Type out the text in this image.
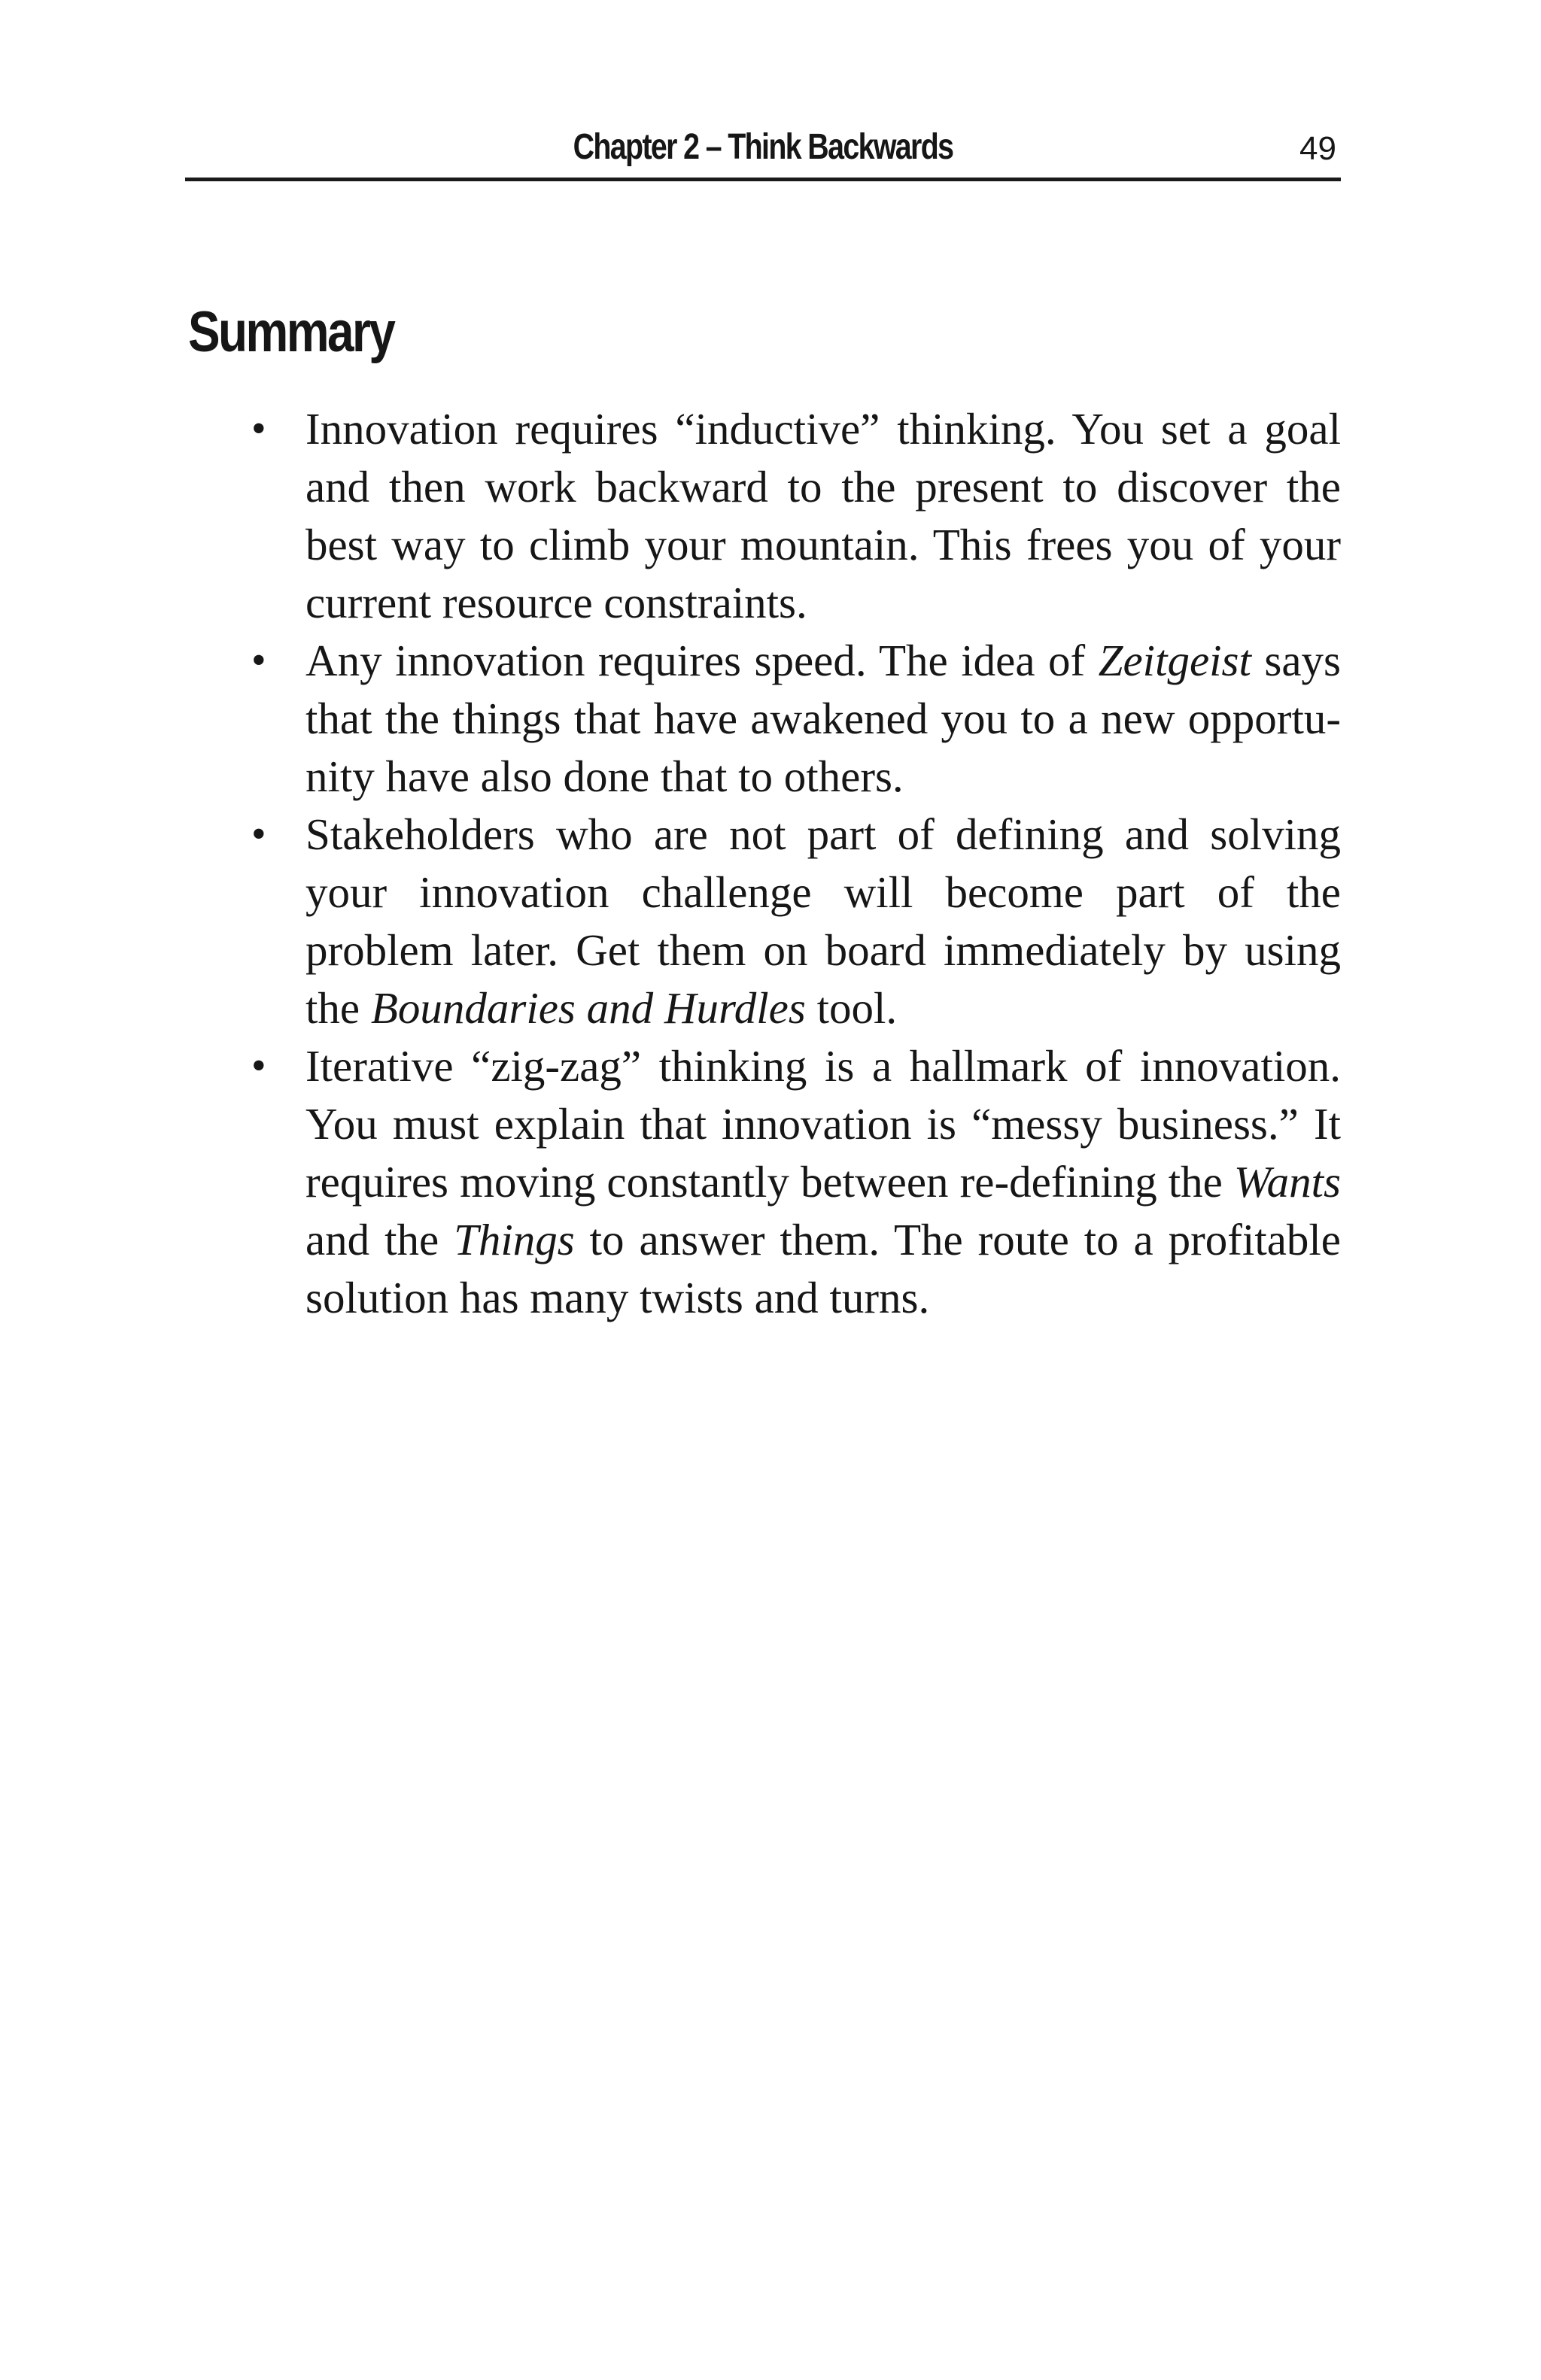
Chapter 2 – Think Backwards	49
Summary
• Innovation requires “inductive” thinking. You set a goal and then work backward to the present to discover the best way to climb your mountain. This frees you of your current resource constraints.
• Any innovation requires speed. The idea of Zeitgeist says that the things that have awakened you to a new opportunity have also done that to others.
• Stakeholders who are not part of defining and solving your innovation challenge will become part of the problem later. Get them on board immediately by using the Boundaries and Hurdles tool.
• Iterative “zig-zag” thinking is a hallmark of innovation. You must explain that innovation is “messy business.” It requires moving constantly between re-defining the Wants and the Things to answer them. The route to a profitable solution has many twists and turns.
